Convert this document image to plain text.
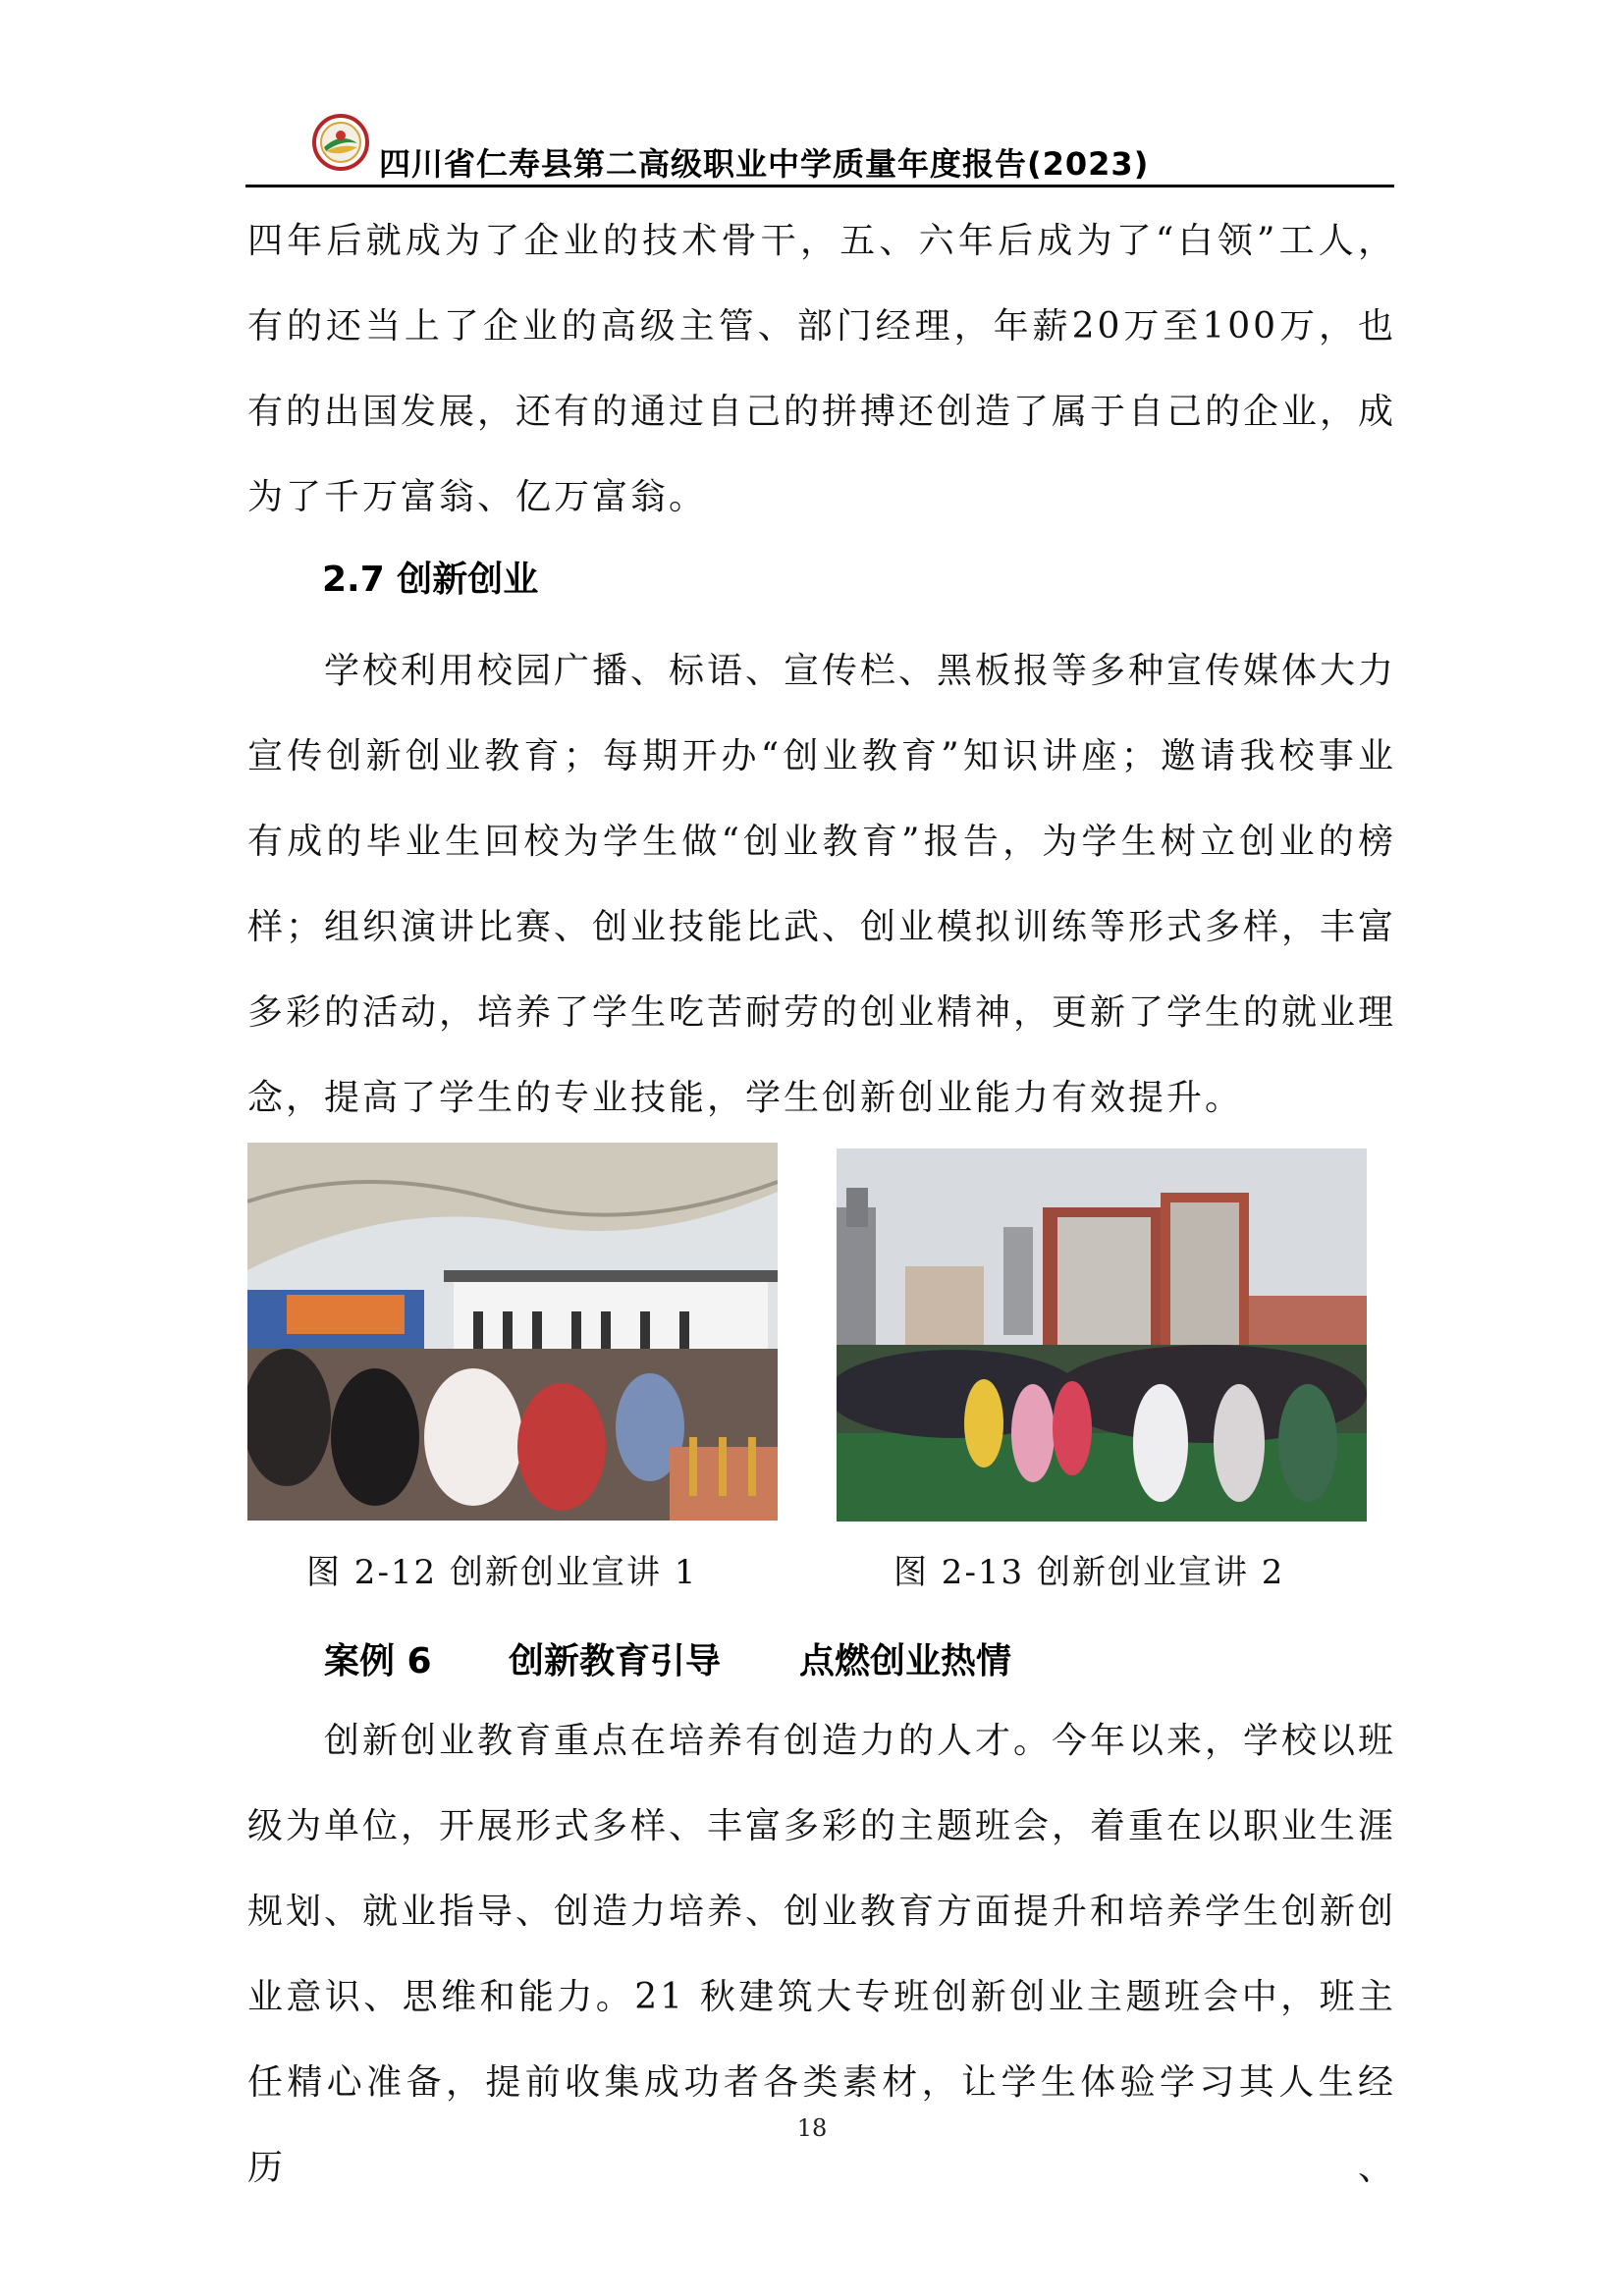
四川省仁寿县第二高级职业中学质量年度报告(2023)
四年后就成为了企业的技术骨干，五、六年后成为了“白领”工人，
有的还当上了企业的高级主管、部门经理，年薪20万至100万，也
有的出国发展，还有的通过自己的拼搏还创造了属于自己的企业，成
为了千万富翁、亿万富翁。
2.7 创新创业
学校利用校园广播、标语、宣传栏、黑板报等多种宣传媒体大力
宣传创新创业教育；每期开办“创业教育”知识讲座；邀请我校事业
有成的毕业生回校为学生做“创业教育”报告，为学生树立创业的榜
样；组织演讲比赛、创业技能比武、创业模拟训练等形式多样，丰富
多彩的活动，培养了学生吃苦耐劳的创业精神，更新了学生的就业理
念，提高了学生的专业技能，学生创新创业能力有效提升。
图 2-12 创新创业宣讲 1	图 2-13 创新创业宣讲 2
案例 6 创新教育引导 点燃创业热情
创新创业教育重点在培养有创造力的人才。今年以来，学校以班
级为单位，开展形式多样、丰富多彩的主题班会，着重在以职业生涯
规划、就业指导、创造力培养、创业教育方面提升和培养学生创新创
业意识、思维和能力。21 秋建筑大专班创新创业主题班会中，班主
任精心准备，提前收集成功者各类素材，让学生体验学习其人生经历、
18
